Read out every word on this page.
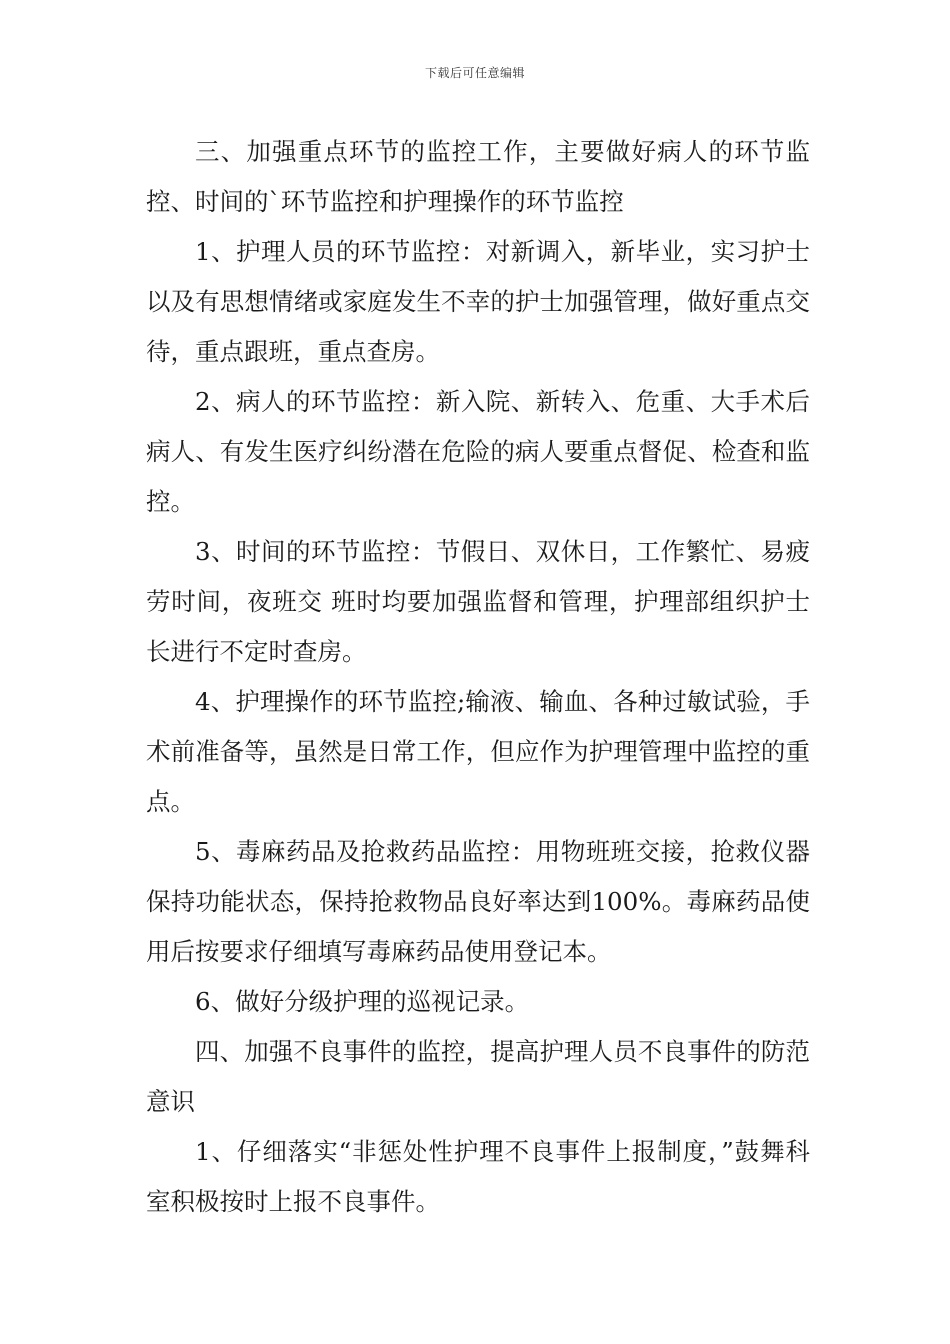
下载后可任意编辑

三、加强重点环节的监控工作，主要做好病人的环节监控、时间的`环节监控和护理操作的环节监控

1、护理人员的环节监控：对新调入，新毕业，实习护士以及有思想情绪或家庭发生不幸的护士加强管理，做好重点交待，重点跟班，重点查房。

2、病人的环节监控：新入院、新转入、危重、大手术后病人、有发生医疗纠纷潜在危险的病人要重点督促、检查和监控。

3、时间的环节监控：节假日、双休日，工作繁忙、易疲劳时间，夜班交 班时均要加强监督和管理，护理部组织护士长进行不定时查房。

4、护理操作的环节监控;输液、输血、各种过敏试验，手术前准备等，虽然是日常工作，但应作为护理管理中监控的重点。

5、毒麻药品及抢救药品监控：用物班班交接，抢救仪器保持功能状态，保持抢救物品良好率达到100%。毒麻药品使用后按要求仔细填写毒麻药品使用登记本。

6、做好分级护理的巡视记录。

四、加强不良事件的监控，提高护理人员不良事件的防范意识

1、仔细落实“非惩处性护理不良事件上报制度，”鼓舞科室积极按时上报不良事件。
